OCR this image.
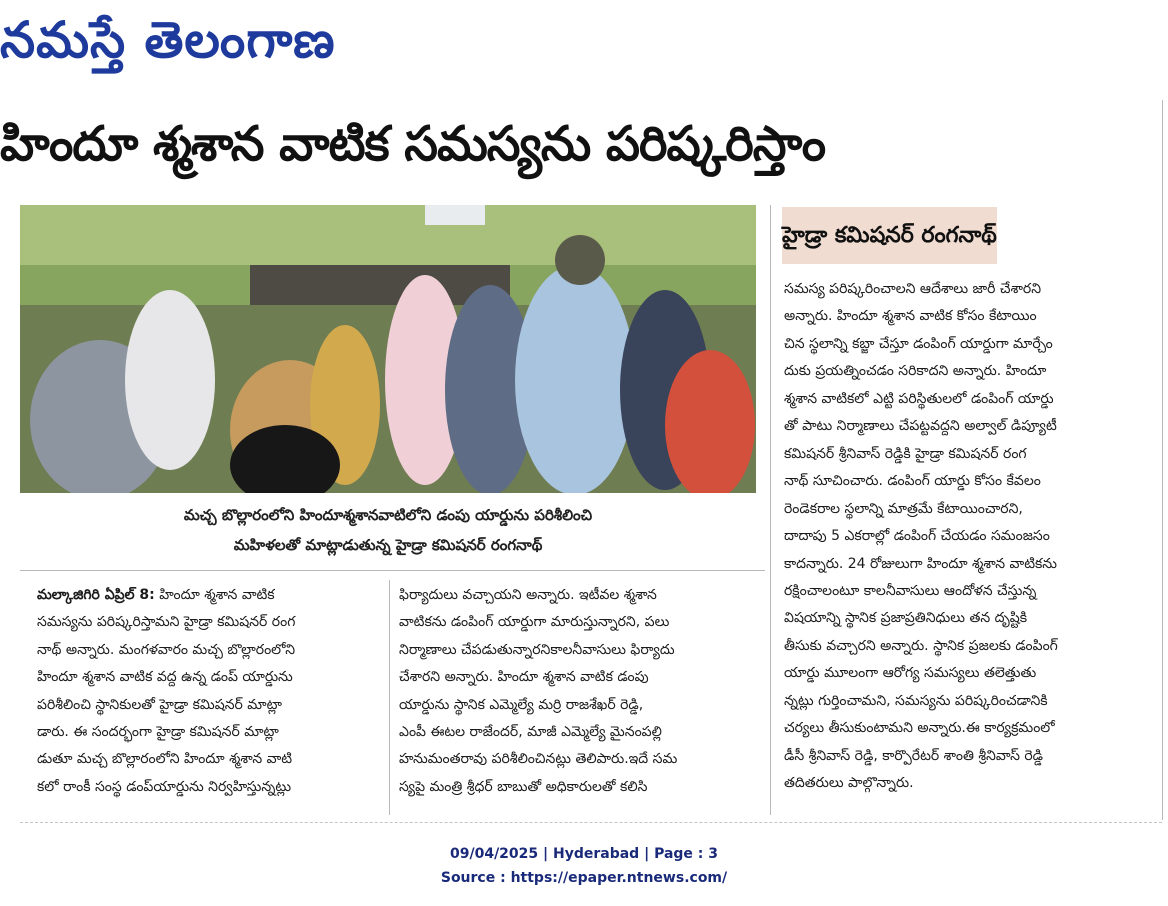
నమస్తే తెలంగాణ
హిందూ శ్మశాన వాటిక సమస్యను పరిష్కరిస్తాం
మచ్చ బొల్లారంలోని హిందూశ్మశానవాటిలోని డంపు యార్డును పరిశీలించి
మహిళలతో మాట్లాడుతున్న హైడ్రా కమిషనర్ రంగనాథ్
హైడ్రా కమిషనర్ రంగనాథ్
మల్కాజిగిరి ఏప్రిల్ 8: హిందూ శ్మశాన వాటిక
సమస్యను పరిష్కరిస్తామని హైడ్రా కమిషనర్ రంగ
నాథ్ అన్నారు. మంగళవారం మచ్చ బొల్లారంలోని
హిందూ శ్మశాన వాటిక వద్ద ఉన్న డంప్ యార్డును
పరిశీలించి స్థానికులతో హైడ్రా కమిషనర్ మాట్లా
డారు. ఈ సందర్భంగా హైడ్రా కమిషనర్ మాట్లా
డుతూ మచ్చ బొల్లారంలోని హిందూ శ్మశాన వాటి
కలో రాంకీ సంస్థ డంప్‌యార్డును నిర్వహిస్తున్నట్లు
ఫిర్యాదులు వచ్చాయని అన్నారు. ఇటీవల శ్మశాన
వాటికను డంపింగ్ యార్డుగా మారుస్తున్నారని, పలు
నిర్మాణాలు చేపడుతున్నారనికాలనీవాసులు ఫిర్యాదు
చేశారని అన్నారు. హిందూ శ్మశాన వాటిక డంపు
యార్డును స్థానిక ఎమ్మెల్యే మర్రి రాజశేఖర్ రెడ్డి,
ఎంపీ ఈటల రాజేందర్, మాజీ ఎమ్మెల్యే మైనంపల్లి
హనుమంతరావు పరిశీలించినట్లు తెలిపారు.ఇదే సమ
స్యపై మంత్రి శ్రీధర్ బాబుతో అధికారులతో కలిసి
సమస్య పరిష్కరించాలని ఆదేశాలు జారీ చేశారని
అన్నారు. హిందూ శ్మశాన వాటిక కోసం కేటాయిం
చిన స్థలాన్ని కబ్జా చేస్తూ డంపింగ్ యార్డుగా మార్చేం
దుకు ప్రయత్నించడం సరికాదని అన్నారు. హిందూ
శ్మశాన వాటికలో ఎట్టి పరిస్థితులలో డంపింగ్ యార్డు
తో పాటు నిర్మాణాలు చేపట్టవద్దని అల్వాల్ డిప్యూటీ
కమిషనర్ శ్రీనివాస్ రెడ్డికి హైడ్రా కమిషనర్ రంగ
నాథ్ సూచించారు. డంపింగ్ యార్డు కోసం కేవలం
రెండెకరాల స్థలాన్ని మాత్రమే కేటాయించారని,
దాదాపు 5 ఎకరాల్లో డంపింగ్ చేయడం సమంజసం
కాదన్నారు. 24 రోజులుగా హిందూ శ్మశాన వాటికను
రక్షించాలంటూ కాలనీవాసులు ఆందోళన చేస్తున్న
విషయాన్ని స్థానిక ప్రజాప్రతినిధులు తన దృష్టికి
తీసుకు వచ్చారని అన్నారు. స్థానిక ప్రజలకు డంపింగ్
యార్డు మూలంగా ఆరోగ్య సమస్యలు తలెత్తుతు
న్నట్లు గుర్తించామని, సమస్యను పరిష్కరించడానికి
చర్యలు తీసుకుంటామని అన్నారు.ఈ కార్యక్రమంలో
డీసీ శ్రీనివాస్ రెడ్డి, కార్పొరేటర్ శాంతి శ్రీనివాస్ రెడ్డి
తదితరులు పాల్గొన్నారు.
09/04/2025 | Hyderabad | Page : 3
Source : https://epaper.ntnews.com/
